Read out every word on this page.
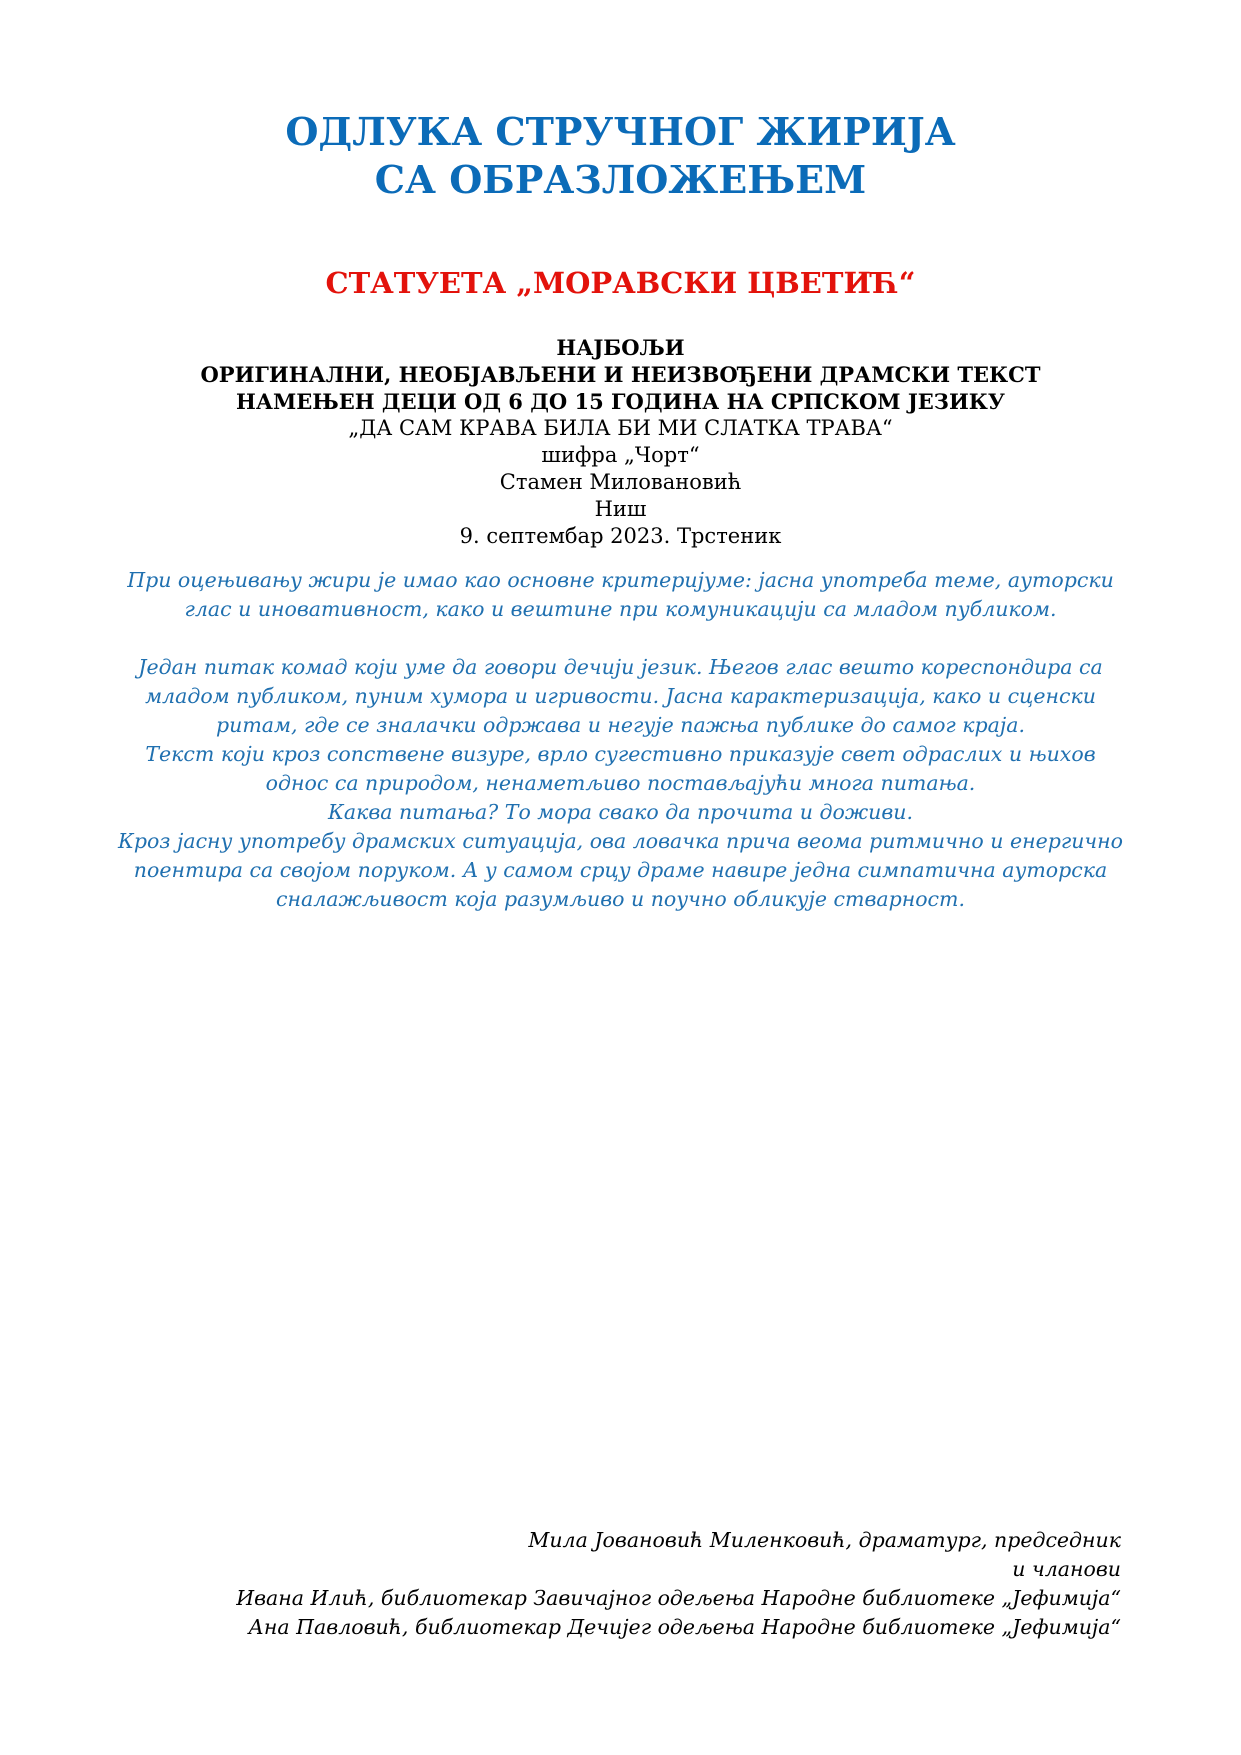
ОДЛУКА СТРУЧНОГ ЖИРИЈА
СА ОБРАЗЛОЖЕЊЕМ
СТАТУЕТА „МОРАВСКИ ЦВЕТИЋ“
НАЈБОЉИ
ОРИГИНАЛНИ, НЕОБЈАВЉЕНИ И НЕИЗВОЂЕНИ ДРАМСКИ ТЕКСТ
НАМЕЊЕН ДЕЦИ ОД 6 ДО 15 ГОДИНА НА СРПСКОМ ЈЕЗИКУ
„ДА САМ КРАВА БИЛА БИ МИ СЛАТКА ТРАВА“
шифра „Чорт“
Стамен Миловановић
Ниш
9. септембар 2023. Трстеник

При оцењивању жири је имао као основне критеријуме: јасна употреба теме, ауторски

глас и иновативност, како и вештине при комуникацији са младом публиком.

Један питак комад који уме да говори дечији језик. Његов глас вешто кореспондира са

младом публиком, пуним хумора и игривости. Јасна карактеризација, како и сценски

ритам, где се зналачки одржава и негује пажња публике до самог краја.

Текст који кроз сопствене визуре, врло сугестивно приказује свет одраслих и њихов

однос са природом, ненаметљиво постављајући многа питања.

Каква питања? То мора свако да прочита и доживи.

Кроз јасну употребу драмских ситуација, ова ловачка прича веома ритмично и енергично

поентира са својом поруком. А у самом срцу драме навире једна симпатична ауторска

сналажљивост која разумљиво и поучно обликује стварност.

Мила Јовановић Миленковић, драматург, председник
и чланови
Ивана Илић, библиотекар Завичајног одељења Народне библиотеке „Јефимија“
Ана Павловић, библиотекар Дечијег одељења Народне библиотеке „Јефимија“
